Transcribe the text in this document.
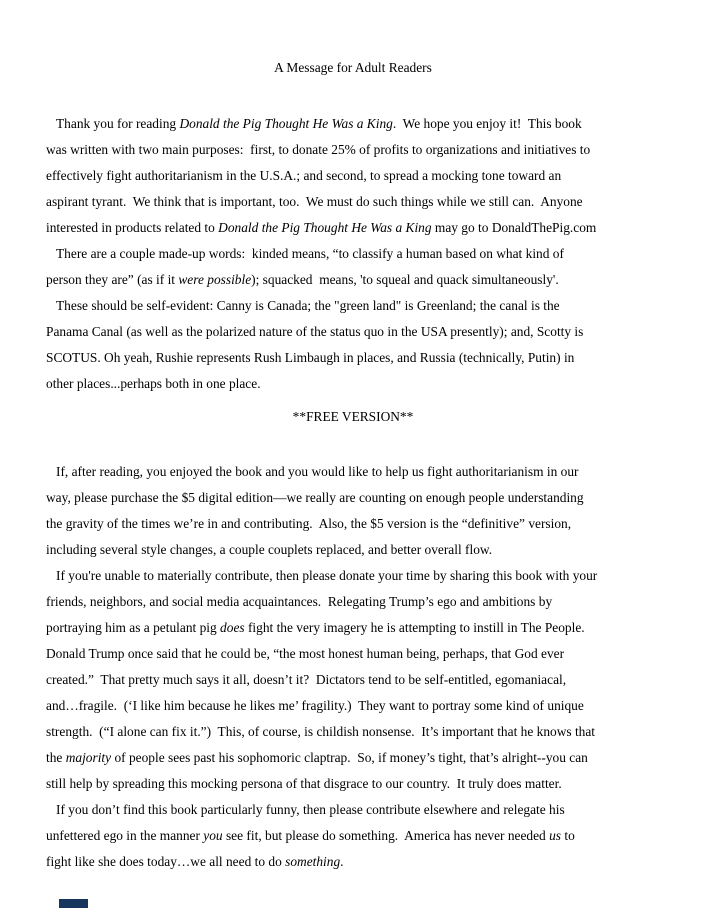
A Message for Adult Readers
Thank you for reading Donald the Pig Thought He Was a King.  We hope you enjoy it!  This book
was written with two main purposes:  first, to donate 25% of profits to organizations and initiatives to
effectively fight authoritarianism in the U.S.A.; and second, to spread a mocking tone toward an
aspirant tyrant.  We think that is important, too.  We must do such things while we still can.  Anyone
interested in products related to Donald the Pig Thought He Was a King may go to DonaldThePig.com
There are a couple made-up words:  kinded means, “to classify a human based on what kind of
person they are” (as if it were possible); squacked  means, 'to squeal and quack simultaneously'.
These should be self-evident: Canny is Canada; the "green land" is Greenland; the canal is the
Panama Canal (as well as the polarized nature of the status quo in the USA presently); and, Scotty is
SCOTUS. Oh yeah, Rushie represents Rush Limbaugh in places, and Russia (technically, Putin) in
other places...perhaps both in one place.
**FREE VERSION**
If, after reading, you enjoyed the book and you would like to help us fight authoritarianism in our
way, please purchase the $5 digital edition—we really are counting on enough people understanding
the gravity of the times we’re in and contributing.  Also, the $5 version is the “definitive” version,
including several style changes, a couple couplets replaced, and better overall flow.
If you're unable to materially contribute, then please donate your time by sharing this book with your
friends, neighbors, and social media acquaintances.  Relegating Trump’s ego and ambitions by
portraying him as a petulant pig does fight the very imagery he is attempting to instill in The People.
Donald Trump once said that he could be, “the most honest human being, perhaps, that God ever
created.”  That pretty much says it all, doesn’t it?  Dictators tend to be self-entitled, egomaniacal,
and…fragile.  (‘I like him because he likes me’ fragility.)  They want to portray some kind of unique
strength.  (“I alone can fix it.”)  This, of course, is childish nonsense.  It’s important that he knows that
the majority of people sees past his sophomoric claptrap.  So, if money’s tight, that’s alright--you can
still help by spreading this mocking persona of that disgrace to our country.  It truly does matter.
If you don’t find this book particularly funny, then please contribute elsewhere and relegate his
unfettered ego in the manner you see fit, but please do something.  America has never needed us to
fight like she does today…we all need to do something.
